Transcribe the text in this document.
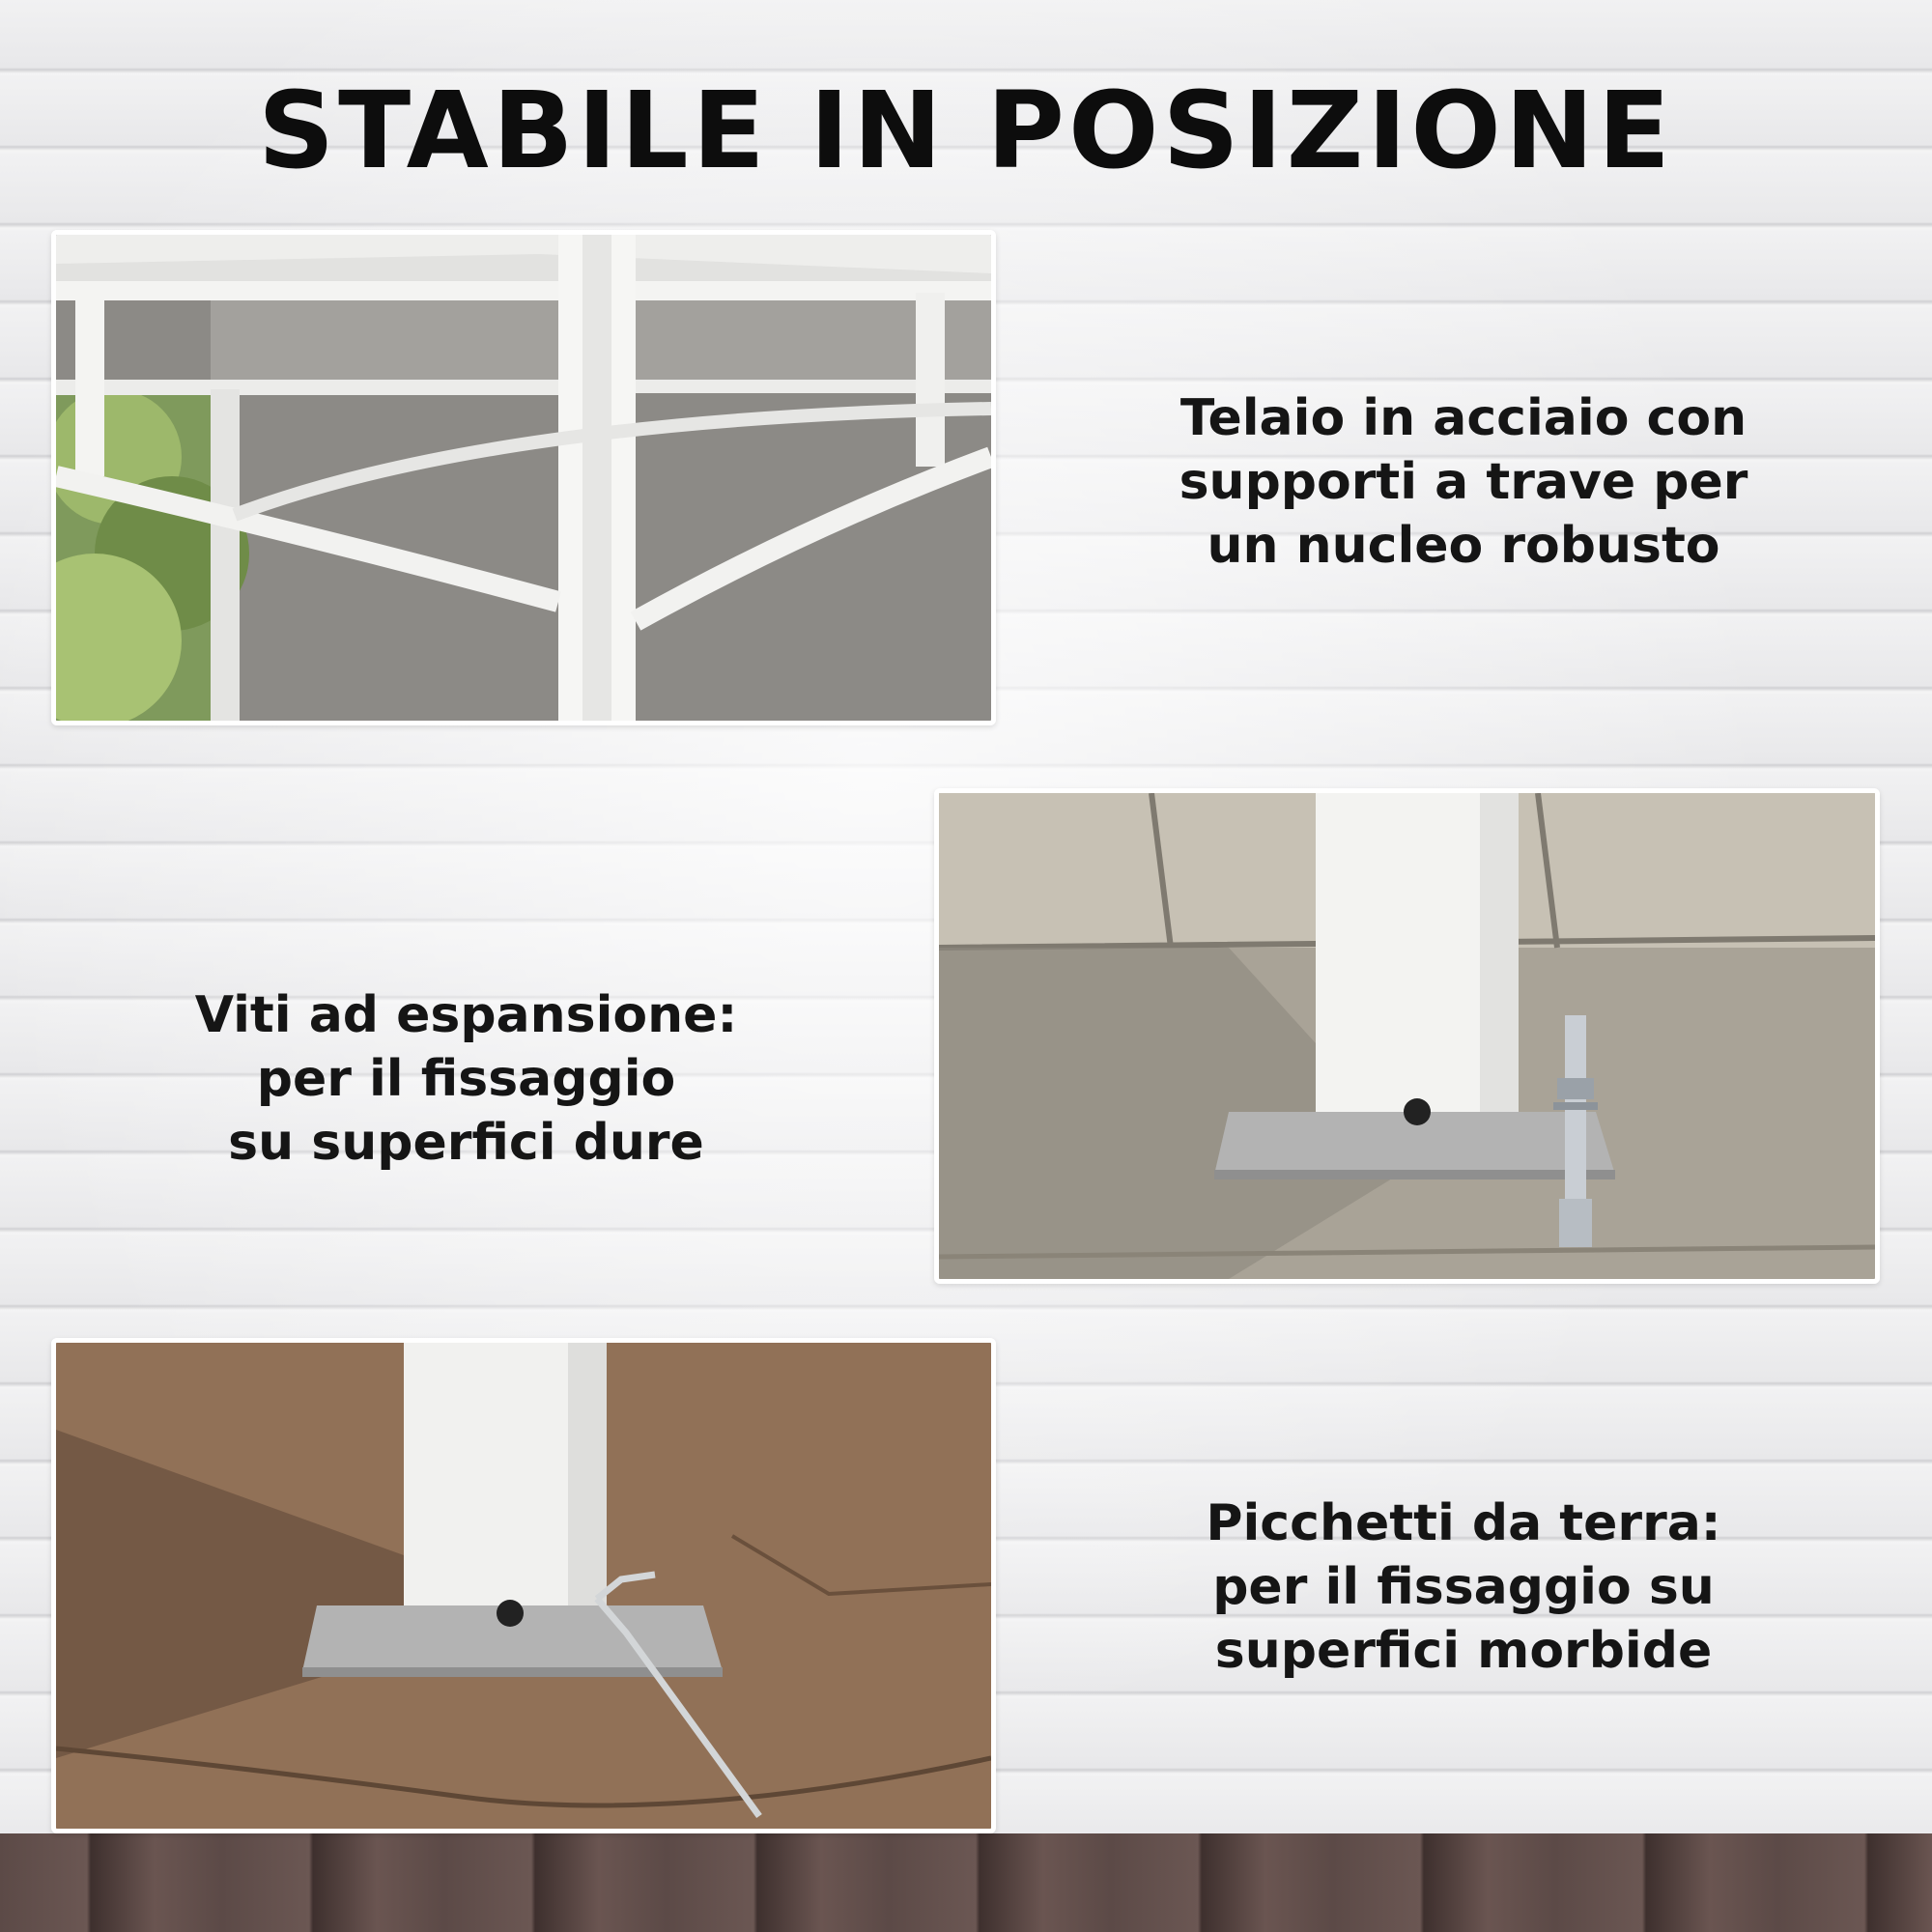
STABILE IN POSIZIONE
Telaio in acciaio con
supporti a trave per
un nucleo robusto
Viti ad espansione:
per il fissaggio
su superfici dure
Picchetti da terra:
per il fissaggio su
superfici morbide
